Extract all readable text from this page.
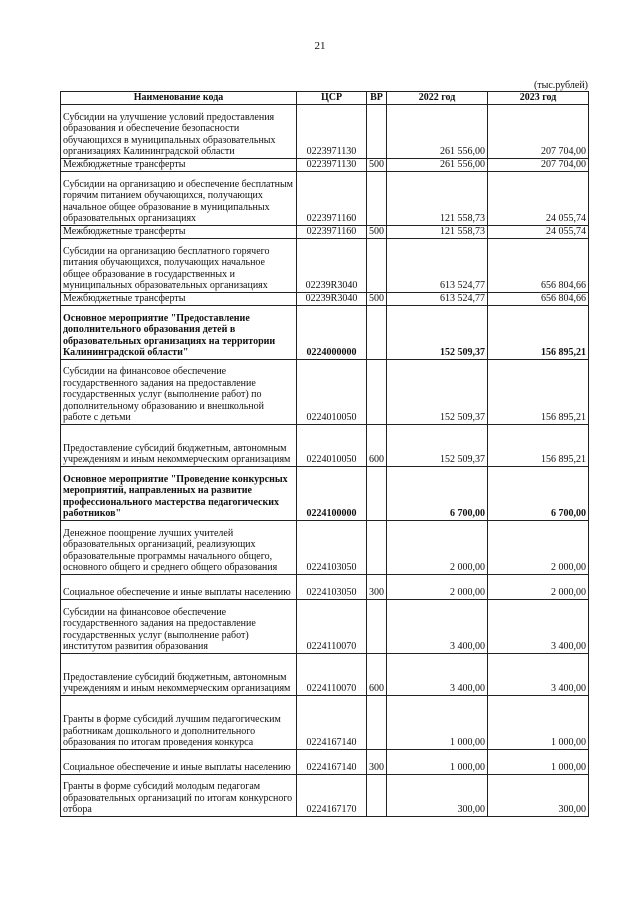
21
(тыс.рублей)
Наименование кода	ЦСР	ВР	2022 год	2023 год
Субсидии на улучшение условий предоставления образования и обеспечение безопасности обучающихся в муниципальных образовательных организациях Калининградской области	0223971130		261 556,00	207 704,00
Межбюджетные трансферты	0223971130	500	261 556,00	207 704,00
Субсидии на организацию и обеспечение бесплатным горячим питанием обучающихся, получающих начальное общее образование в муниципальных образовательных организациях	0223971160		121 558,73	24 055,74
Межбюджетные трансферты	0223971160	500	121 558,73	24 055,74
Субсидии на организацию бесплатного горячего питания обучающихся, получающих начальное общее образование в государственных и муниципальных образовательных организациях	02239R3040		613 524,77	656 804,66
Межбюджетные трансферты	02239R3040	500	613 524,77	656 804,66
Основное мероприятие "Предоставление дополнительного образования детей в образовательных организациях на территории Калининградской области"	0224000000		152 509,37	156 895,21
Субсидии на финансовое обеспечение государственного задания на предоставление государственных услуг (выполнение работ) по дополнительному образованию и внешкольной работе с детьми	0224010050		152 509,37	156 895,21
Предоставление субсидий бюджетным, автономным учреждениям и иным некоммерческим организациям	0224010050	600	152 509,37	156 895,21
Основное мероприятие "Проведение конкурсных мероприятий, направленных на развитие профессионального мастерства педагогических работников"	0224100000		6 700,00	6 700,00
Денежное поощрение лучших учителей образовательных организаций, реализующих образовательные программы начального общего, основного общего и среднего общего образования	0224103050		2 000,00	2 000,00
Социальное обеспечение и иные выплаты населению	0224103050	300	2 000,00	2 000,00
Субсидии на финансовое обеспечение государственного задания на предоставление государственных услуг (выполнение работ) институтом развития образования	0224110070		3 400,00	3 400,00
Предоставление субсидий бюджетным, автономным учреждениям и иным некоммерческим организациям	0224110070	600	3 400,00	3 400,00
Гранты в форме субсидий лучшим педагогическим работникам дошкольного и дополнительного образования по итогам проведения конкурса	0224167140		1 000,00	1 000,00
Социальное обеспечение и иные выплаты населению	0224167140	300	1 000,00	1 000,00
Гранты в форме субсидий молодым педагогам образовательных организаций по итогам конкурсного отбора	0224167170		300,00	300,00
